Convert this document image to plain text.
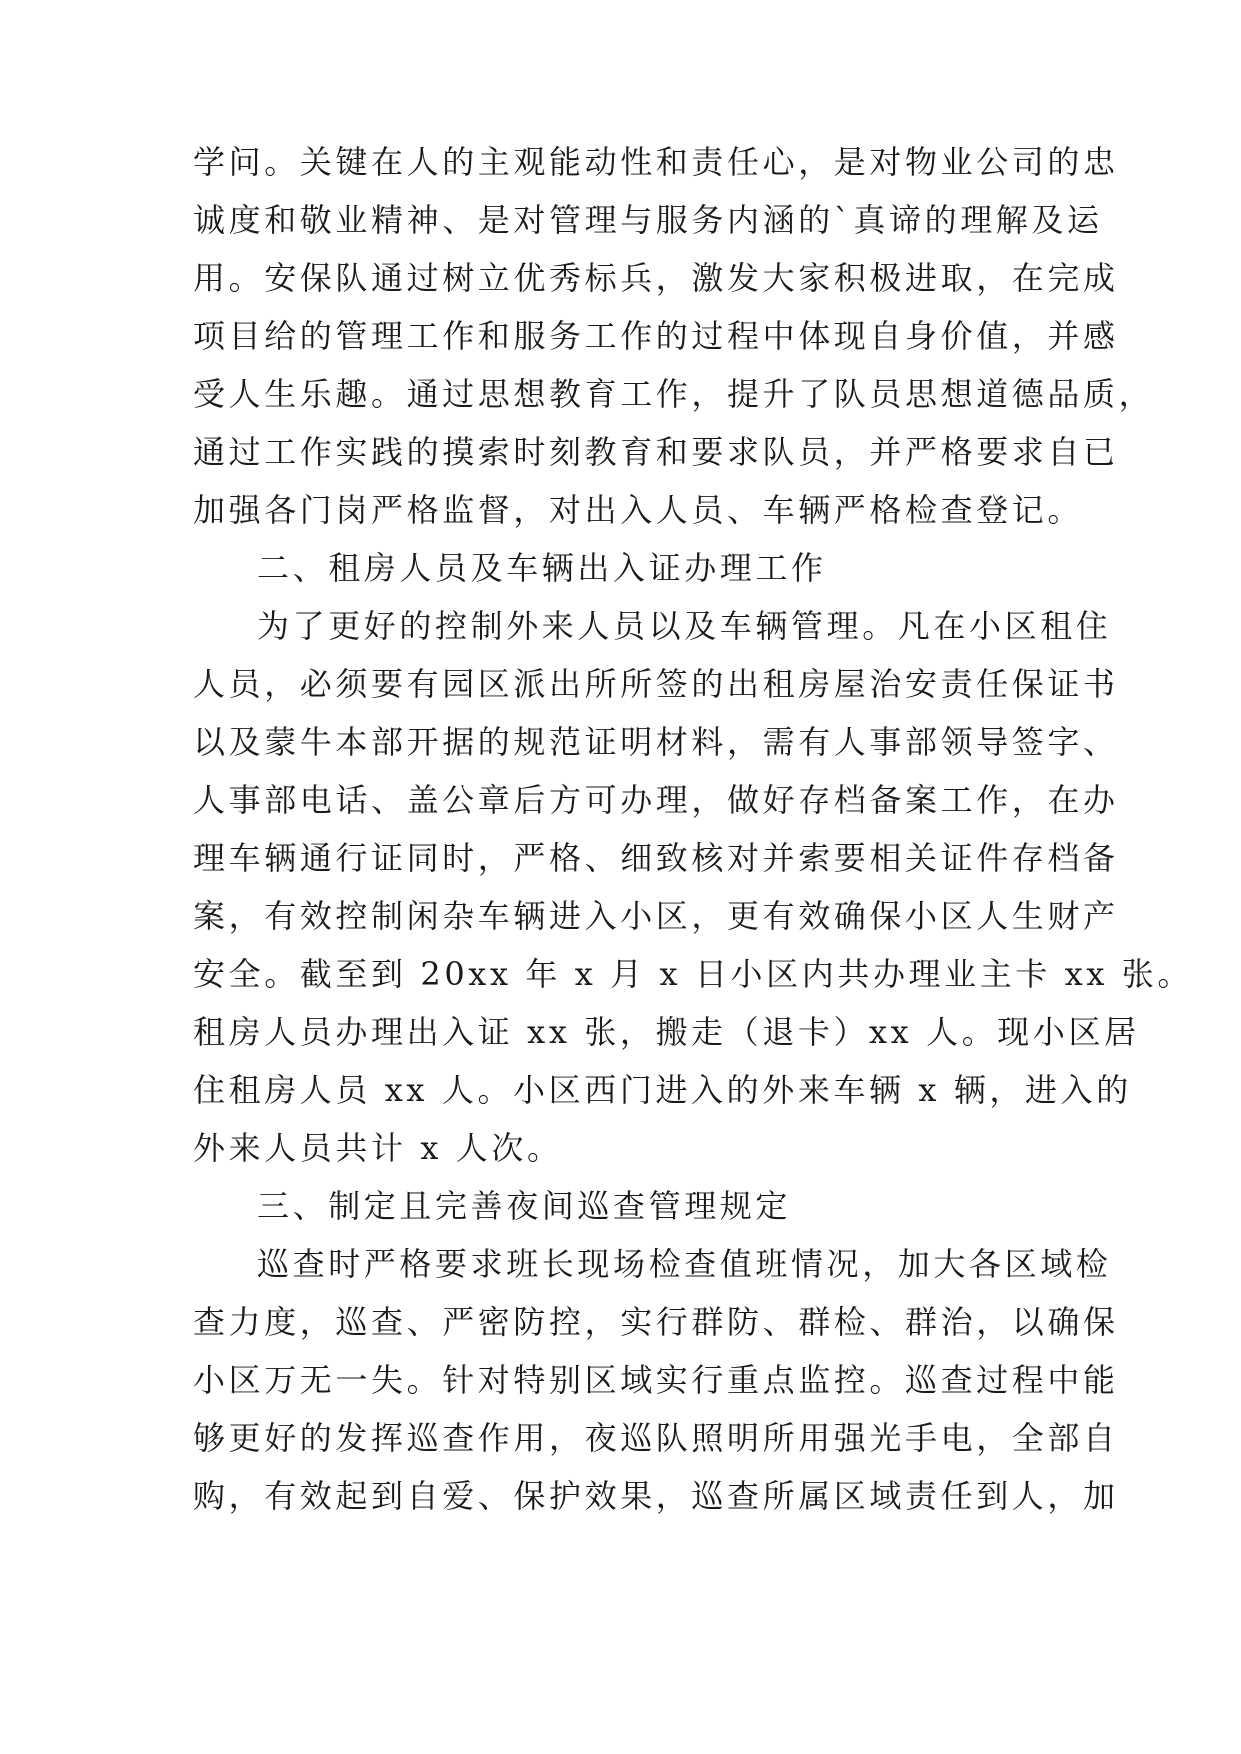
学问。关键在人的主观能动性和责任心，是对物业公司的忠
诚度和敬业精神、是对管理与服务内涵的`真谛的理解及运
用。安保队通过树立优秀标兵，激发大家积极进取，在完成
项目给的管理工作和服务工作的过程中体现自身价值，并感
受人生乐趣。通过思想教育工作，提升了队员思想道德品质，
通过工作实践的摸索时刻教育和要求队员，并严格要求自已
加强各门岗严格监督，对出入人员、车辆严格检查登记。
二、租房人员及车辆出入证办理工作
为了更好的控制外来人员以及车辆管理。凡在小区租住
人员，必须要有园区派出所所签的出租房屋治安责任保证书
以及蒙牛本部开据的规范证明材料，需有人事部领导签字、
人事部电话、盖公章后方可办理，做好存档备案工作，在办
理车辆通行证同时，严格、细致核对并索要相关证件存档备
案，有效控制闲杂车辆进入小区，更有效确保小区人生财产
安全。截至到 20xx 年 x 月 x 日小区内共办理业主卡 xx 张。
租房人员办理出入证 xx 张，搬走（退卡）xx 人。现小区居
住租房人员 xx 人。小区西门进入的外来车辆 x 辆，进入的
外来人员共计 x 人次。
三、制定且完善夜间巡查管理规定
巡查时严格要求班长现场检查值班情况，加大各区域检
查力度，巡查、严密防控，实行群防、群检、群治，以确保
小区万无一失。针对特别区域实行重点监控。巡查过程中能
够更好的发挥巡查作用，夜巡队照明所用强光手电，全部自
购，有效起到自爱、保护效果，巡查所属区域责任到人，加
